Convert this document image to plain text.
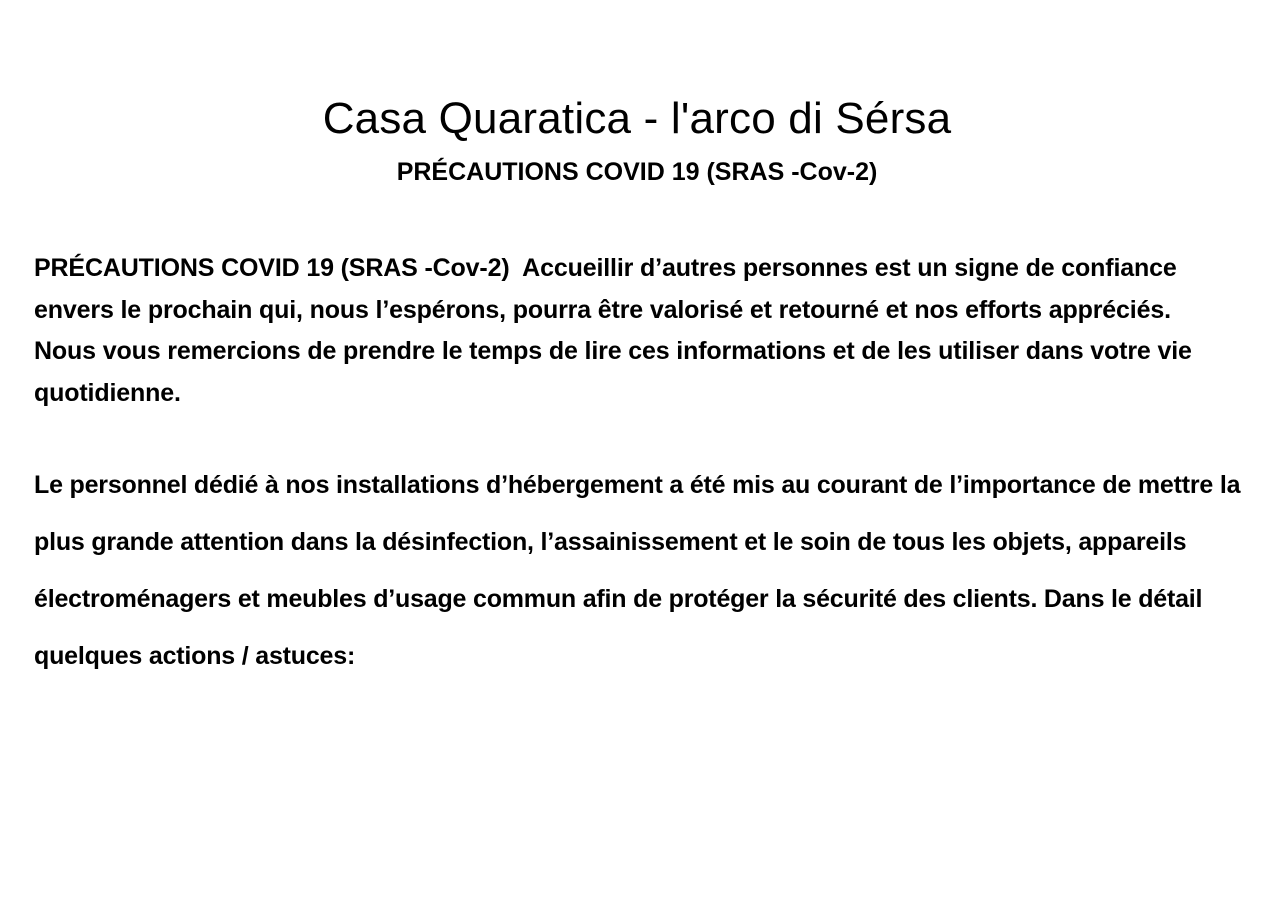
Casa Quaratica - l'arco di Sérsa
PRÉCAUTIONS COVID 19 (SRAS -Cov-2)

PRÉCAUTIONS COVID 19 (SRAS -Cov-2)  Accueillir d’autres personnes est un signe de confiance envers le prochain qui, nous l’espérons, pourra être valorisé et retourné et nos efforts appréciés. Nous vous remercions de prendre le temps de lire ces informations et de les utiliser dans votre vie quotidienne.

Le personnel dédié à nos installations d’hébergement a été mis au courant de l’importance de mettre la plus grande attention dans la désinfection, l’assainissement et le soin de tous les objets, appareils électroménagers et meubles d’usage commun afin de protéger la sécurité des clients. Dans le détail quelques actions / astuces:
